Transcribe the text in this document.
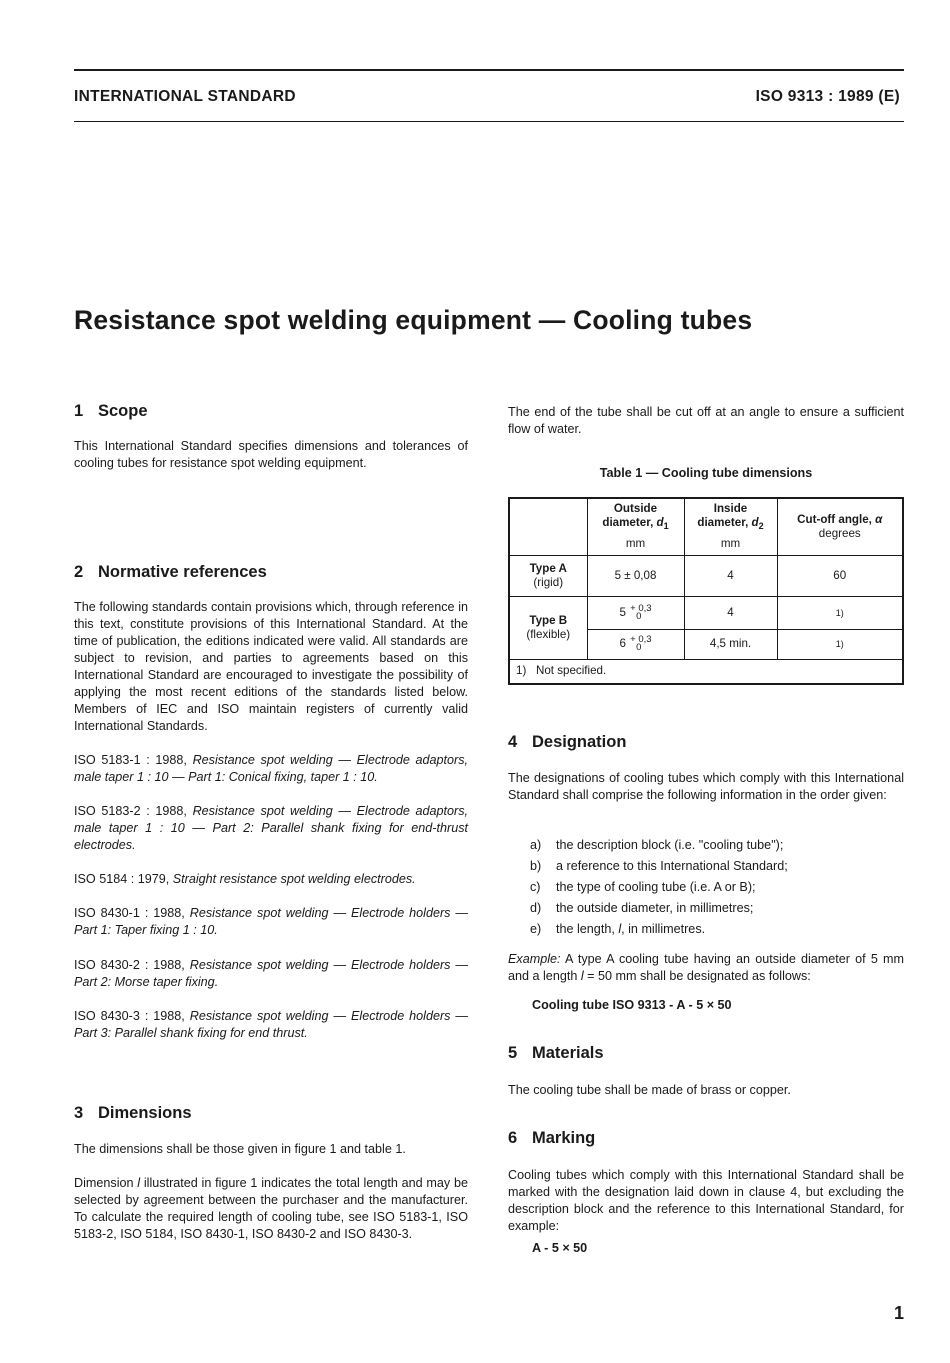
INTERNATIONAL STANDARD	ISO 9313 : 1989 (E)
Resistance spot welding equipment — Cooling tubes
1 Scope

This International Standard specifies dimensions and tolerances of cooling tubes for resistance spot welding equipment.

2 Normative references

The following standards contain provisions which, through reference in this text, constitute provisions of this International Standard. At the time of publication, the editions indicated were valid. All standards are subject to revision, and parties to agreements based on this International Standard are encouraged to investigate the possibility of applying the most recent editions of the standards listed below. Members of IEC and ISO maintain registers of currently valid International Standards.

ISO 5183-1 : 1988, Resistance spot welding — Electrode adaptors, male taper 1 : 10 — Part 1: Conical fixing, taper 1 : 10.

ISO 5183-2 : 1988, Resistance spot welding — Electrode adaptors, male taper 1 : 10 — Part 2: Parallel shank fixing for end-thrust electrodes.

ISO 5184 : 1979, Straight resistance spot welding electrodes.

ISO 8430-1 : 1988, Resistance spot welding — Electrode holders — Part 1: Taper fixing 1 : 10.

ISO 8430-2 : 1988, Resistance spot welding — Electrode holders — Part 2: Morse taper fixing.

ISO 8430-3 : 1988, Resistance spot welding — Electrode holders — Part 3: Parallel shank fixing for end thrust.

3 Dimensions

The dimensions shall be those given in figure 1 and table 1.

Dimension l illustrated in figure 1 indicates the total length and may be selected by agreement between the purchaser and the manufacturer. To calculate the required length of cooling tube, see ISO 5183-1, ISO 5183-2, ISO 5184, ISO 8430-1, ISO 8430-2 and ISO 8430-3.

The end of the tube shall be cut off at an angle to ensure a sufficient flow of water.

Table 1 — Cooling tube dimensions

	Outside
diameter, $d_1$
mm	Inside
diameter, $d_2$
mm	Cut-off angle, α
degrees

Type A
(rigid)	5 ± 0,08	4	60

Type B
(flexible)	5 + 0,3
0	4	$^{1)}$
	6 + 0,3
0	4,5 min.	$^{1)}$
1)   Not specified.			
4 Designation

The designations of cooling tubes which comply with this International Standard shall comprise the following information in the order given:

a) the description block (i.e. "cooling tube");
b) a reference to this International Standard;
c) the type of cooling tube (i.e. A or B);
d) the outside diameter, in millimetres;
e) the length, l, in millimetres.

Example: A type A cooling tube having an outside diameter of 5 mm and a length l = 50 mm shall be designated as follows:

Cooling tube ISO 9313 - A - 5 × 50

5 Materials

The cooling tube shall be made of brass or copper.

6 Marking

Cooling tubes which comply with this International Standard shall be marked with the designation laid down in clause 4, but excluding the description block and the reference to this International Standard, for example:

A - 5 × 50

1
